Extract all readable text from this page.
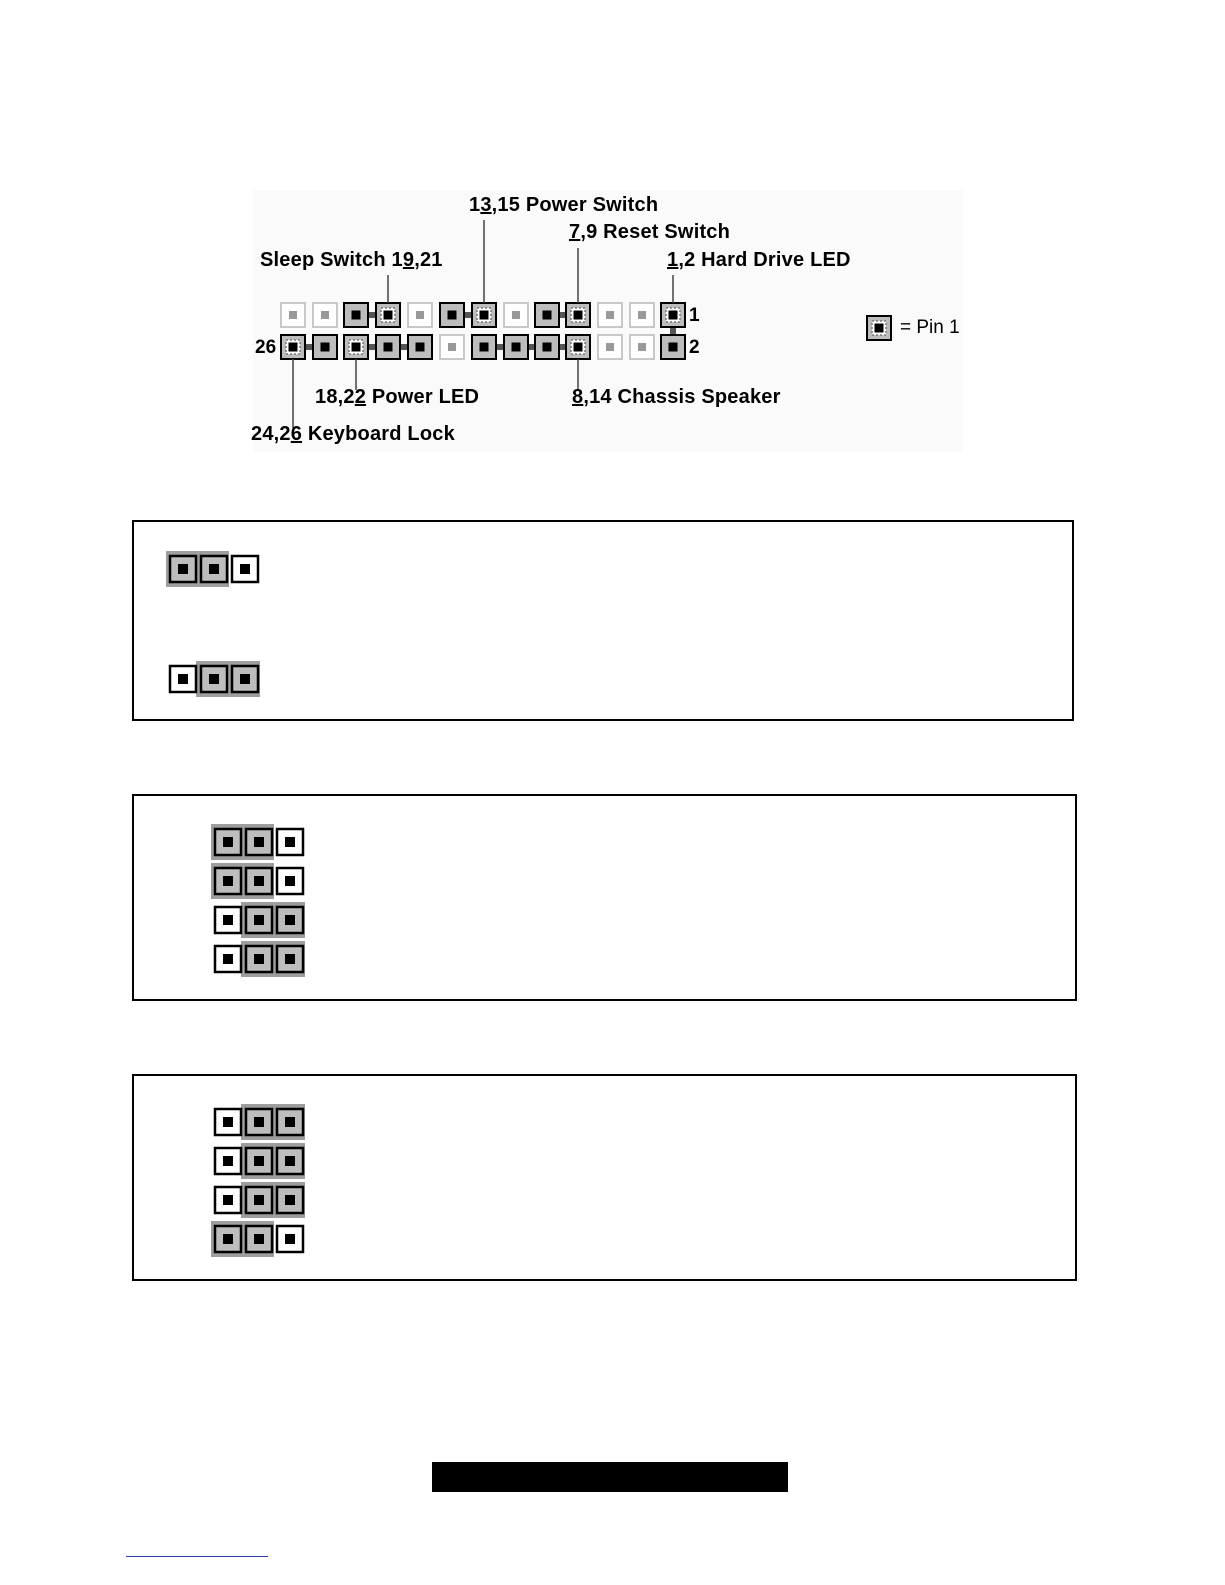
13,15 Power Switch
7,9 Reset Switch
Sleep Switch 19,21	1,2 Hard Drive LED
18,22 Power LED	8,14 Chassis Speaker
24,26 Keyboard Lock
1
2
26
= Pin 1
